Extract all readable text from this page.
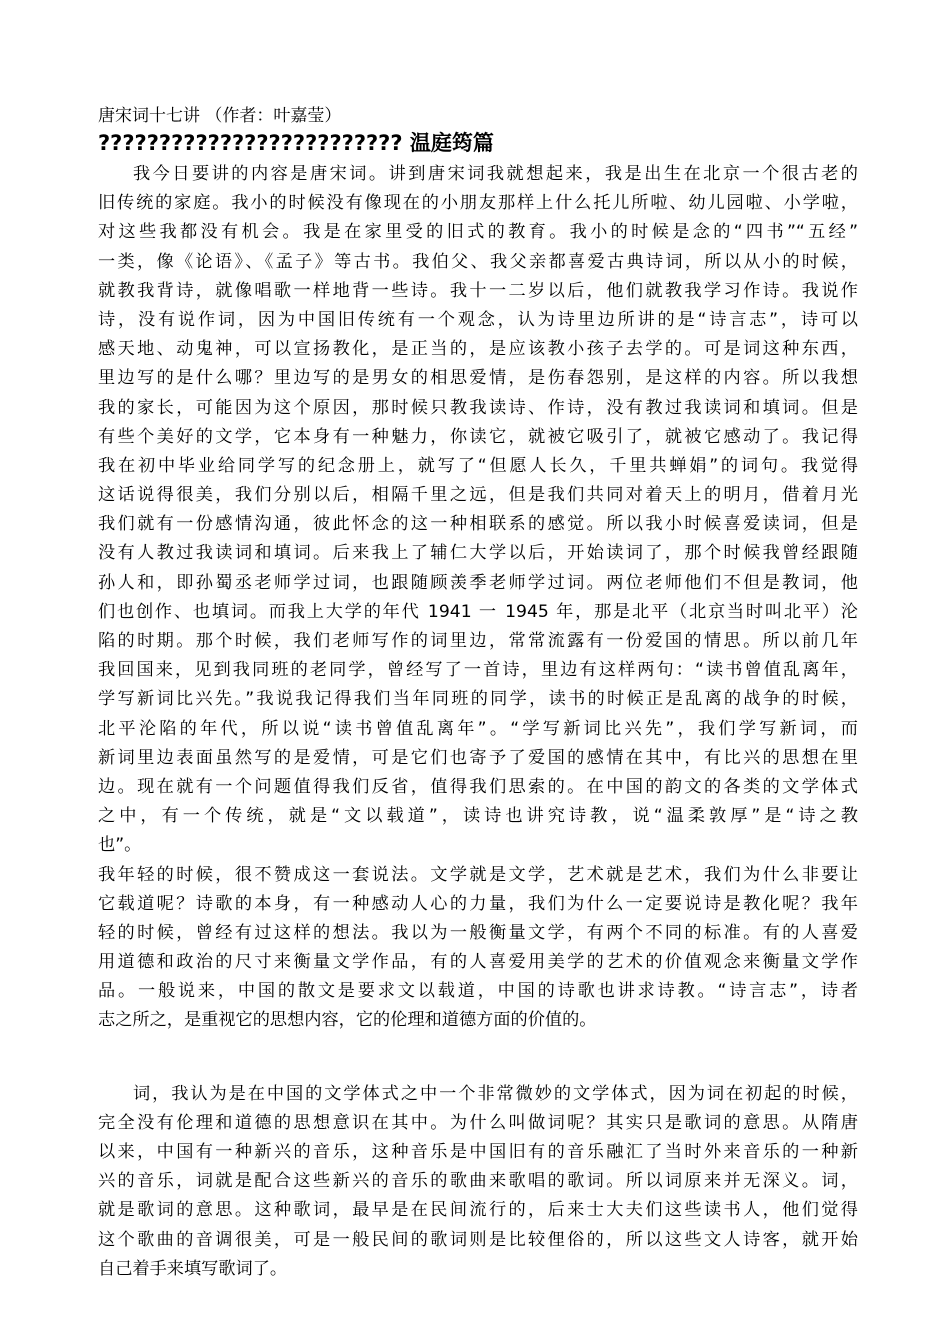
唐宋词十七讲 （作者：叶嘉莹）
????????????????????????? 温庭筠篇
我今日要讲的内容是唐宋词。讲到唐宋词我就想起来，我是出生在北京一个很古老的
旧传统的家庭。我小的时候没有像现在的小朋友那样上什么托儿所啦、幼儿园啦、小学啦，
对这些我都没有机会。我是在家里受的旧式的教育。我小的时候是念的“四书”“五经”
一类，像《论语》、《孟子》等古书。我伯父、我父亲都喜爱古典诗词，所以从小的时候，
就教我背诗，就像唱歌一样地背一些诗。我十一二岁以后，他们就教我学习作诗。我说作
诗，没有说作词，因为中国旧传统有一个观念，认为诗里边所讲的是“诗言志”，诗可以
感天地、动鬼神，可以宣扬教化，是正当的，是应该教小孩子去学的。可是词这种东西，
里边写的是什么哪？里边写的是男女的相思爱情，是伤春怨别，是这样的内容。所以我想
我的家长，可能因为这个原因，那时候只教我读诗、作诗，没有教过我读词和填词。但是
有些个美好的文学，它本身有一种魅力，你读它，就被它吸引了，就被它感动了。我记得
我在初中毕业给同学写的纪念册上，就写了“但愿人长久，千里共蝉娟”的词句。我觉得
这话说得很美，我们分别以后，相隔千里之远，但是我们共同对着天上的明月，借着月光
我们就有一份感情沟通，彼此怀念的这一种相联系的感觉。所以我小时候喜爱读词，但是
没有人教过我读词和填词。后来我上了辅仁大学以后，开始读词了，那个时候我曾经跟随
孙人和，即孙蜀丞老师学过词，也跟随顾羡季老师学过词。两位老师他们不但是教词，他
们也创作、也填词。而我上大学的年代 1941 一 1945 年，那是北平（北京当时叫北平）沦
陷的时期。那个时候，我们老师写作的词里边，常常流露有一份爱国的情思。所以前几年
我回国来，见到我同班的老同学，曾经写了一首诗，里边有这样两句：“读书曾值乱离年，
学写新词比兴先。”我说我记得我们当年同班的同学，读书的时候正是乱离的战争的时候，
北平沦陷的年代，所以说“读书曾值乱离年”。“学写新词比兴先”，我们学写新词，而
新词里边表面虽然写的是爱情，可是它们也寄予了爱国的感情在其中，有比兴的思想在里
边。现在就有一个问题值得我们反省，值得我们思索的。在中国的韵文的各类的文学体式
之中，有一个传统，就是“文以载道”，读诗也讲究诗教，说“温柔敦厚”是“诗之教
也”。
我年轻的时候，很不赞成这一套说法。文学就是文学，艺术就是艺术，我们为什么非要让
它载道呢？诗歌的本身，有一种感动人心的力量，我们为什么一定要说诗是教化呢？我年
轻的时候，曾经有过这样的想法。我以为一般衡量文学，有两个不同的标准。有的人喜爱
用道德和政治的尺寸来衡量文学作品，有的人喜爱用美学的艺术的价值观念来衡量文学作
品。一般说来，中国的散文是要求文以载道，中国的诗歌也讲求诗教。“诗言志”，诗者
志之所之，是重视它的思想内容，它的伦理和道德方面的价值的。
词，我认为是在中国的文学体式之中一个非常微妙的文学体式，因为词在初起的时候，
完全没有伦理和道德的思想意识在其中。为什么叫做词呢？其实只是歌词的意思。从隋唐
以来，中国有一种新兴的音乐，这种音乐是中国旧有的音乐融汇了当时外来音乐的一种新
兴的音乐，词就是配合这些新兴的音乐的歌曲来歌唱的歌词。所以词原来并无深义。词，
就是歌词的意思。这种歌词，最早是在民间流行的，后来士大夫们这些读书人，他们觉得
这个歌曲的音调很美，可是一般民间的歌词则是比较俚俗的，所以这些文人诗客，就开始
自己着手来填写歌词了。
